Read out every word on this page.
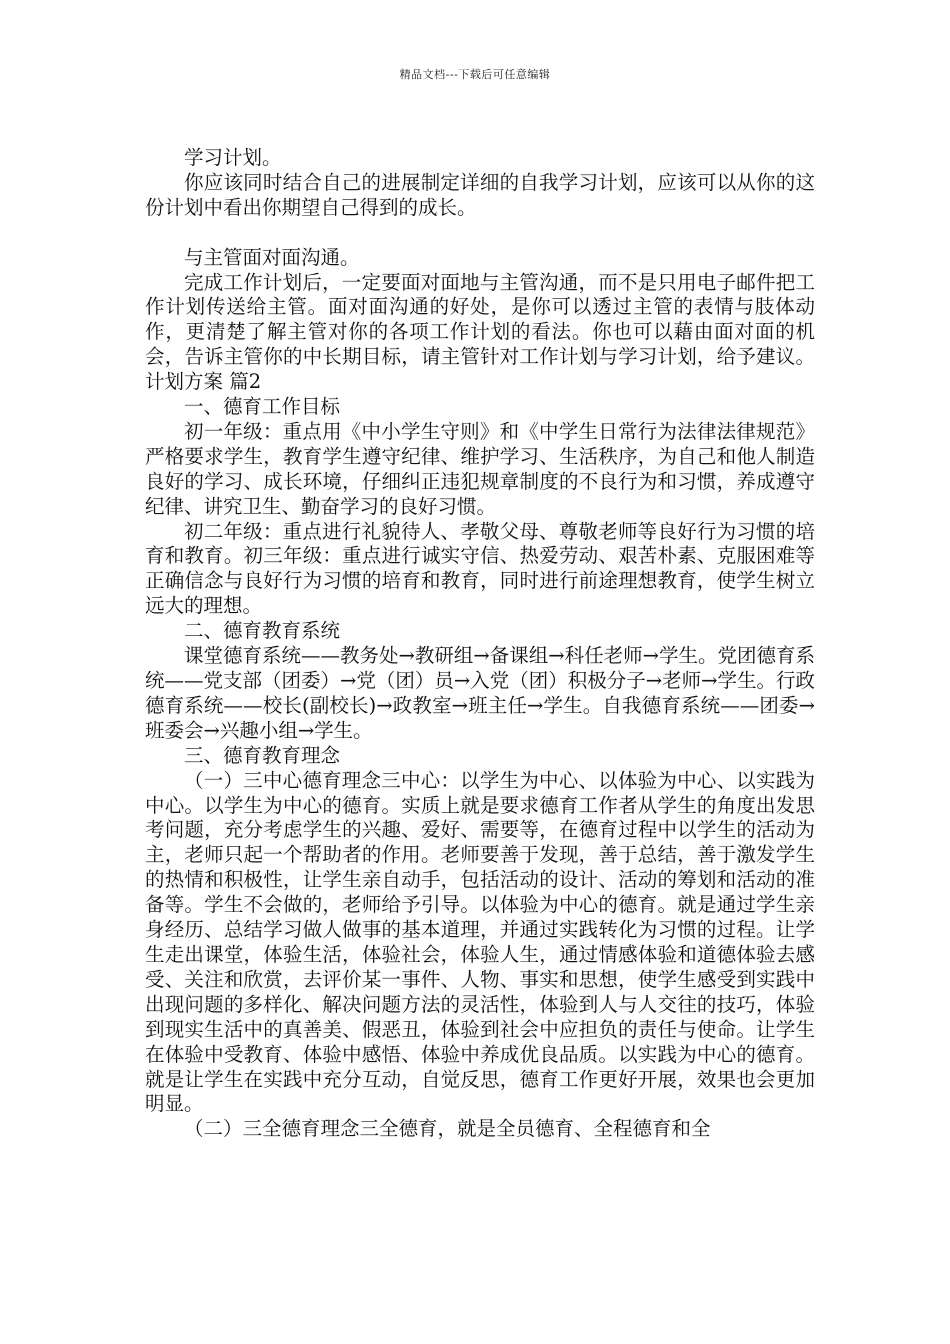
精品文档---下载后可任意编辑

学习计划。

你应该同时结合自己的进展制定详细的自我学习计划，应该可以从你的这份计划中看出你期望自己得到的成长。

与主管面对面沟通。

完成工作计划后，一定要面对面地与主管沟通，而不是只用电子邮件把工作计划传送给主管。面对面沟通的好处，是你可以透过主管的表情与肢体动作，更清楚了解主管对你的各项工作计划的看法。你也可以藉由面对面的机会，告诉主管你的中长期目标，请主管针对工作计划与学习计划，给予建议。计划方案 篇2

一、德育工作目标

初一年级：重点用《中小学生守则》和《中学生日常行为法律法律规范》严格要求学生，教育学生遵守纪律、维护学习、生活秩序，为自己和他人制造良好的学习、成长环境，仔细纠正违犯规章制度的不良行为和习惯，养成遵守纪律、讲究卫生、勤奋学习的良好习惯。

初二年级：重点进行礼貌待人、孝敬父母、尊敬老师等良好行为习惯的培育和教育。初三年级：重点进行诚实守信、热爱劳动、艰苦朴素、克服困难等正确信念与良好行为习惯的培育和教育，同时进行前途理想教育，使学生树立远大的理想。

二、德育教育系统

课堂德育系统——教务处→教研组→备课组→科任老师→学生。党团德育系统——党支部（团委）→党（团）员→入党（团）积极分子→老师→学生。行政德育系统——校长(副校长)→政教室→班主任→学生。自我德育系统——团委→班委会→兴趣小组→学生。

三、德育教育理念

（一）三中心德育理念三中心：以学生为中心、以体验为中心、以实践为中心。以学生为中心的德育。实质上就是要求德育工作者从学生的角度出发思考问题，充分考虑学生的兴趣、爱好、需要等，在德育过程中以学生的活动为主，老师只起一个帮助者的作用。老师要善于发现，善于总结，善于激发学生的热情和积极性，让学生亲自动手，包括活动的设计、活动的筹划和活动的准备等。学生不会做的，老师给予引导。以体验为中心的德育。就是通过学生亲身经历、总结学习做人做事的基本道理，并通过实践转化为习惯的过程。让学生走出课堂，体验生活，体验社会，体验人生，通过情感体验和道德体验去感受、关注和欣赏，去评价某一事件、人物、事实和思想，使学生感受到实践中出现问题的多样化、解决问题方法的灵活性，体验到人与人交往的技巧，体验到现实生活中的真善美、假恶丑，体验到社会中应担负的责任与使命。让学生在体验中受教育、体验中感悟、体验中养成优良品质。以实践为中心的德育。就是让学生在实践中充分互动，自觉反思，德育工作更好开展，效果也会更加明显。

（二）三全德育理念三全德育，就是全员德育、全程德育和全
